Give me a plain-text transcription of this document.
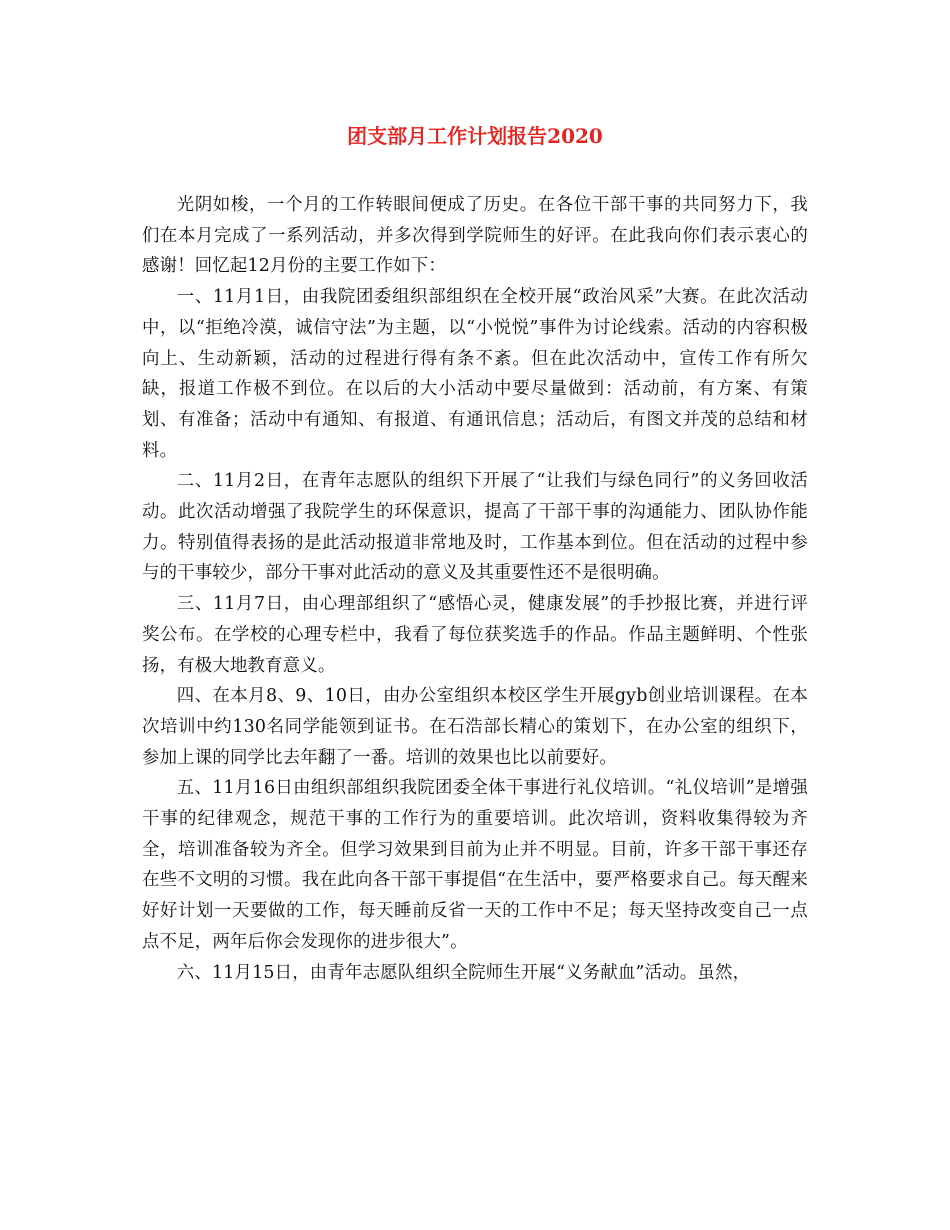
团支部月工作计划报告2020

光阴如梭，一个月的工作转眼间便成了历史。在各位干部干事的共同努力下，我们在本月完成了一系列活动，并多次得到学院师生的好评。在此我向你们表示衷心的感谢！回忆起12月份的主要工作如下：

一、11月1日，由我院团委组织部组织在全校开展“政治风采”大赛。在此次活动中，以“拒绝冷漠，诚信守法”为主题，以“小悦悦”事件为讨论线索。活动的内容积极向上、生动新颖，活动的过程进行得有条不紊。但在此次活动中，宣传工作有所欠缺，报道工作极不到位。在以后的大小活动中要尽量做到：活动前，有方案、有策划、有准备；活动中有通知、有报道、有通讯信息；活动后，有图文并茂的总结和材料。

二、11月2日，在青年志愿队的组织下开展了“让我们与绿色同行”的义务回收活动。此次活动增强了我院学生的环保意识，提高了干部干事的沟通能力、团队协作能力。特别值得表扬的是此活动报道非常地及时，工作基本到位。但在活动的过程中参与的干事较少，部分干事对此活动的意义及其重要性还不是很明确。

三、11月7日，由心理部组织了“感悟心灵，健康发展”的手抄报比赛，并进行评奖公布。在学校的心理专栏中，我看了每位获奖选手的作品。作品主题鲜明、个性张扬，有极大地教育意义。

四、在本月8、9、10日，由办公室组织本校区学生开展gyb创业培训课程。在本次培训中约130名同学能领到证书。在石浩部长精心的策划下，在办公室的组织下，参加上课的同学比去年翻了一番。培训的效果也比以前要好。

五、11月16日由组织部组织我院团委全体干事进行礼仪培训。“礼仪培训”是增强干事的纪律观念，规范干事的工作行为的重要培训。此次培训，资料收集得较为齐全，培训准备较为齐全。但学习效果到目前为止并不明显。目前，许多干部干事还存在些不文明的习惯。我在此向各干部干事提倡“在生活中，要严格要求自己。每天醒来好好计划一天要做的工作，每天睡前反省一天的工作中不足；每天坚持改变自己一点点不足，两年后你会发现你的进步很大”。

六、11月15日，由青年志愿队组织全院师生开展“义务献血”活动。虽然，
